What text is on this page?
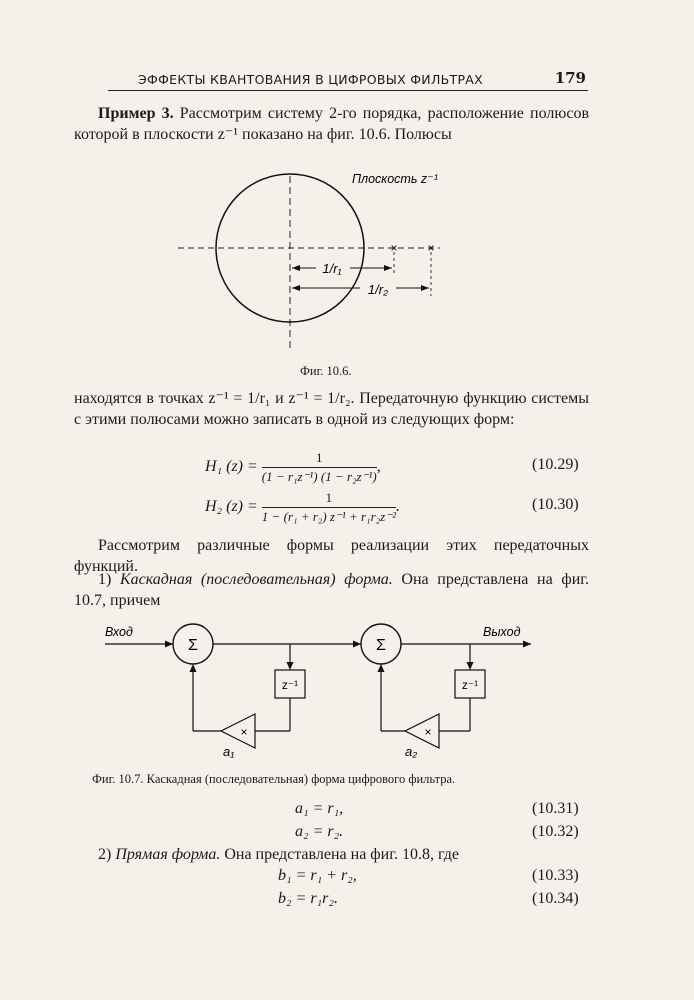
ЭФФЕКТЫ КВАНТОВАНИЯ В ЦИФРОВЫХ ФИЛЬТРАХ	179
Пример 3. Рассмотрим систему 2-го порядка, расположение полюсов которой в плоскости z⁻¹ показано на фиг. 10.6. Полюсы
× ×
1/r₁
1/r₂
Плоскость z⁻¹
Фиг. 10.6.
находятся в точках z⁻¹ = 1/r₁ и z⁻¹ = 1/r₂. Передаточную функцию системы с этими полюсами можно записать в одной из следующих форм:
H₁ $(z) = \frac{1}{\text{(1 − r₁z⁻¹) (1 − r₂z⁻¹)}}$ ,	(10.29)
H₂ $(z) = \frac{1}{\text{1 − (r₁ + r₂) z⁻¹ + r₁r₂z⁻²}}$ .	(10.30)
Рассмотрим различные формы реализации этих передаточных функций.
1) Каскадная (последовательная) форма. Она представлена на фиг. 10.7, причем
Вход	Выход
Σ	Σ
z⁻¹
×
a₁
z⁻¹
×
a₂
Фиг. 10.7. Каскадная (последовательная) форма цифрового фильтра.
a₁ = r₁,	(10.31)
a₂ = r₂.	(10.32)
2) Прямая форма. Она представлена на фиг. 10.8, где
b₁ = r₁ + r₂,	(10.33)
b₂ = r₁r₂.	(10.34)
